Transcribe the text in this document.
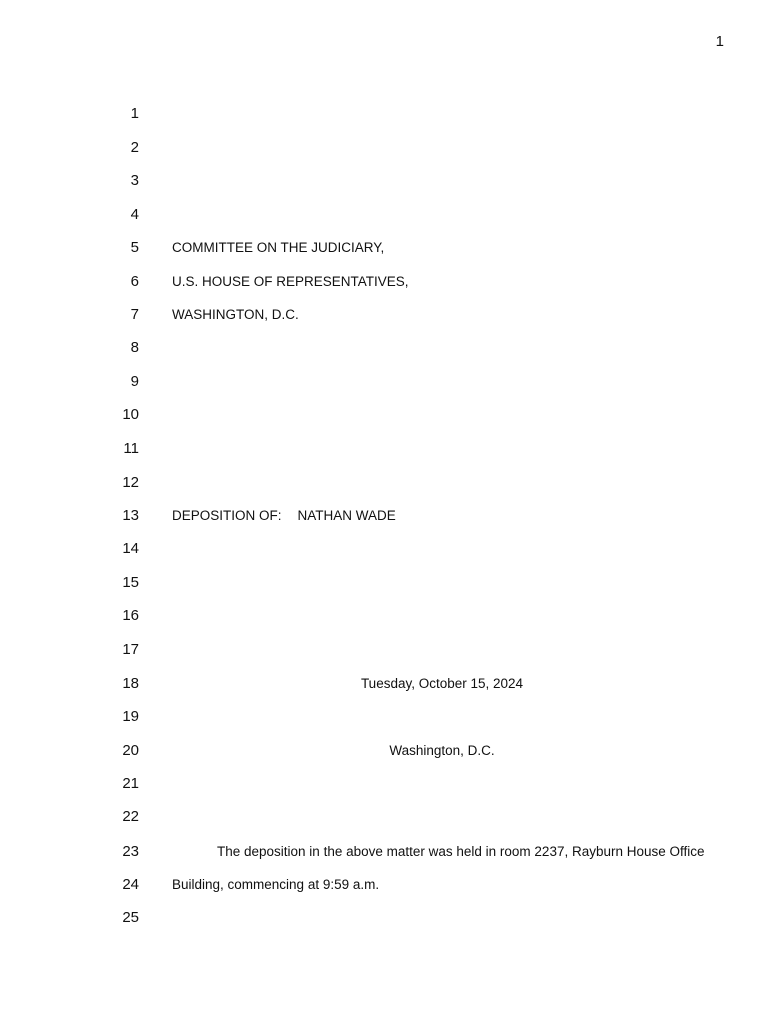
1
1
2
3
4
5 COMMITTEE ON THE JUDICIARY,
6 U.S. HOUSE OF REPRESENTATIVES,
7 WASHINGTON, D.C.
8
9
10
11
12
13 DEPOSITION OF: NATHAN WADE
14
15
16
17
18	Tuesday, October 15, 2024
19
20	Washington, D.C.
21
22
23	The deposition in the above matter was held in room 2237, Rayburn House Office
24 Building, commencing at 9:59 a.m.
25
